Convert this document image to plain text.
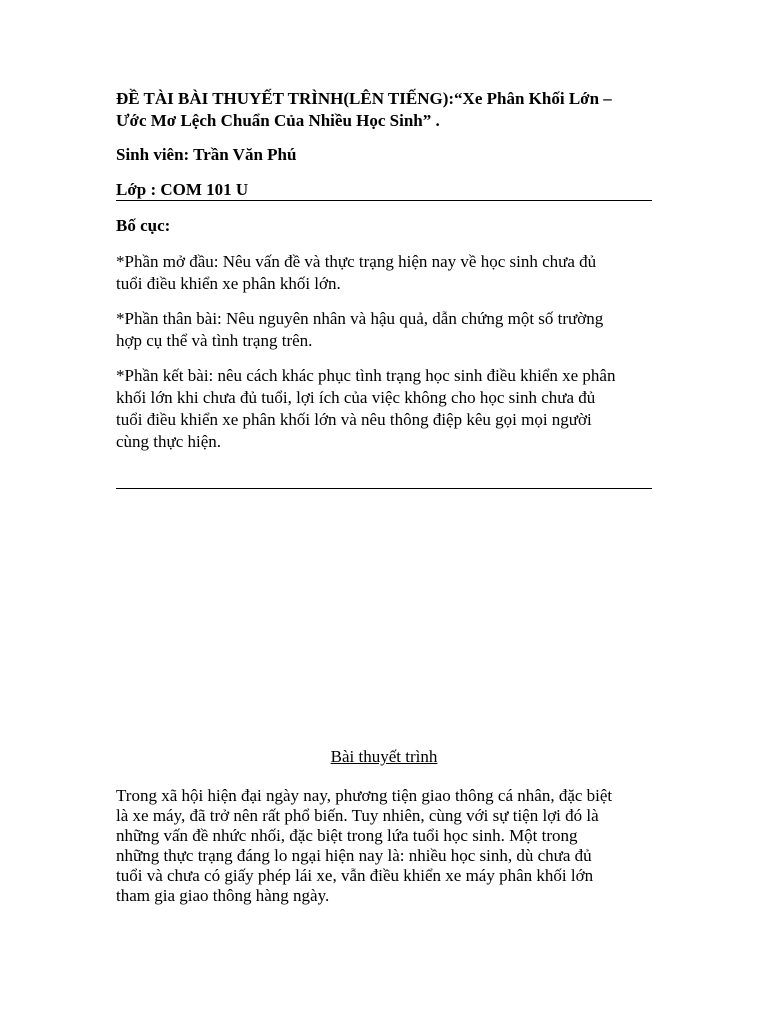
ĐỀ TÀI BÀI THUYẾT TRÌNH(LÊN TIẾNG):“Xe Phân Khối Lớn –
Ước Mơ Lệch Chuẩn Của Nhiều Học Sinh” .
Sinh viên: Trần Văn Phú
Lớp : COM 101 U
Bố cục:
*Phần mở đầu: Nêu vấn đề và thực trạng hiện nay về học sinh chưa đủ
tuổi điều khiển xe phân khối lớn.
*Phần thân bài: Nêu nguyên nhân và hậu quả, dẫn chứng một số trường
hợp cụ thể và tình trạng trên.
*Phần kết bài: nêu cách khác phục tình trạng học sinh điều khiển xe phân
khối lớn khi chưa đủ tuổi, lợi ích của việc không cho học sinh chưa đủ
tuổi điều khiển xe phân khối lớn và nêu thông điệp kêu gọi mọi người
cùng thực hiện.
Bài thuyết trình
Trong xã hội hiện đại ngày nay, phương tiện giao thông cá nhân, đặc biệt
là xe máy, đã trở nên rất phổ biến. Tuy nhiên, cùng với sự tiện lợi đó là
những vấn đề nhức nhối, đặc biệt trong lứa tuổi học sinh. Một trong
những thực trạng đáng lo ngại hiện nay là: nhiều học sinh, dù chưa đủ
tuổi và chưa có giấy phép lái xe, vẫn điều khiển xe máy phân khối lớn
tham gia giao thông hàng ngày.
